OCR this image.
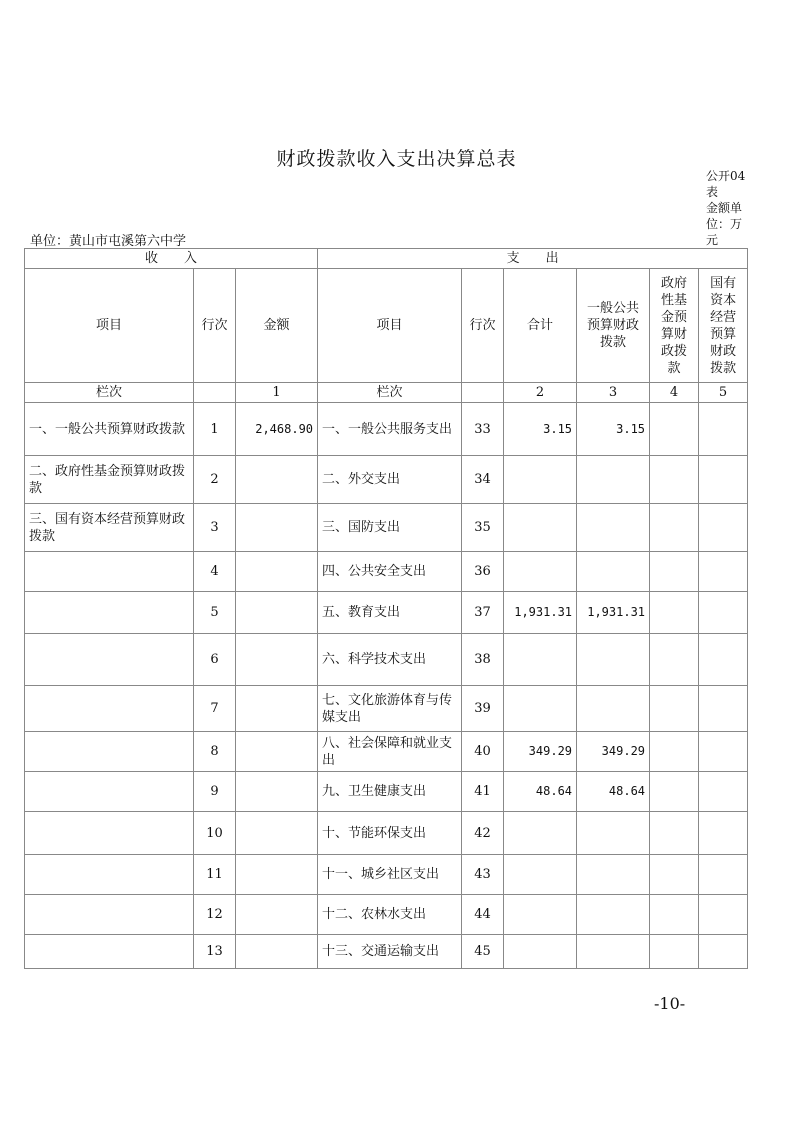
财政拨款收入支出决算总表
公开04表
金额单位：万元
单位：黄山市屯溪第六中学
收　　入			支　　出					
项目	行次	金额	项目	行次	合计	一般公共预算财政拨款	政府性基金预算财政拨款	国有资本经营预算财政拨款
栏次		1	栏次		2	3	4	5
一、一般公共预算财政拨款	1	2,468.90	一、一般公共服务支出	33	3.15	3.15		
二、政府性基金预算财政拨款	2		二、外交支出	34				
三、国有资本经营预算财政拨款	3		三、国防支出	35				
	4		四、公共安全支出	36				
	5		五、教育支出	37	1,931.31	1,931.31		
	6		六、科学技术支出	38				
	7		七、文化旅游体育与传媒支出	39				
	8		八、社会保障和就业支出	40	349.29	349.29		
	9		九、卫生健康支出	41	48.64	48.64		
	10		十、节能环保支出	42				
	11		十一、城乡社区支出	43				
	12		十二、农林水支出	44				
	13		十三、交通运输支出	45				
-10-
